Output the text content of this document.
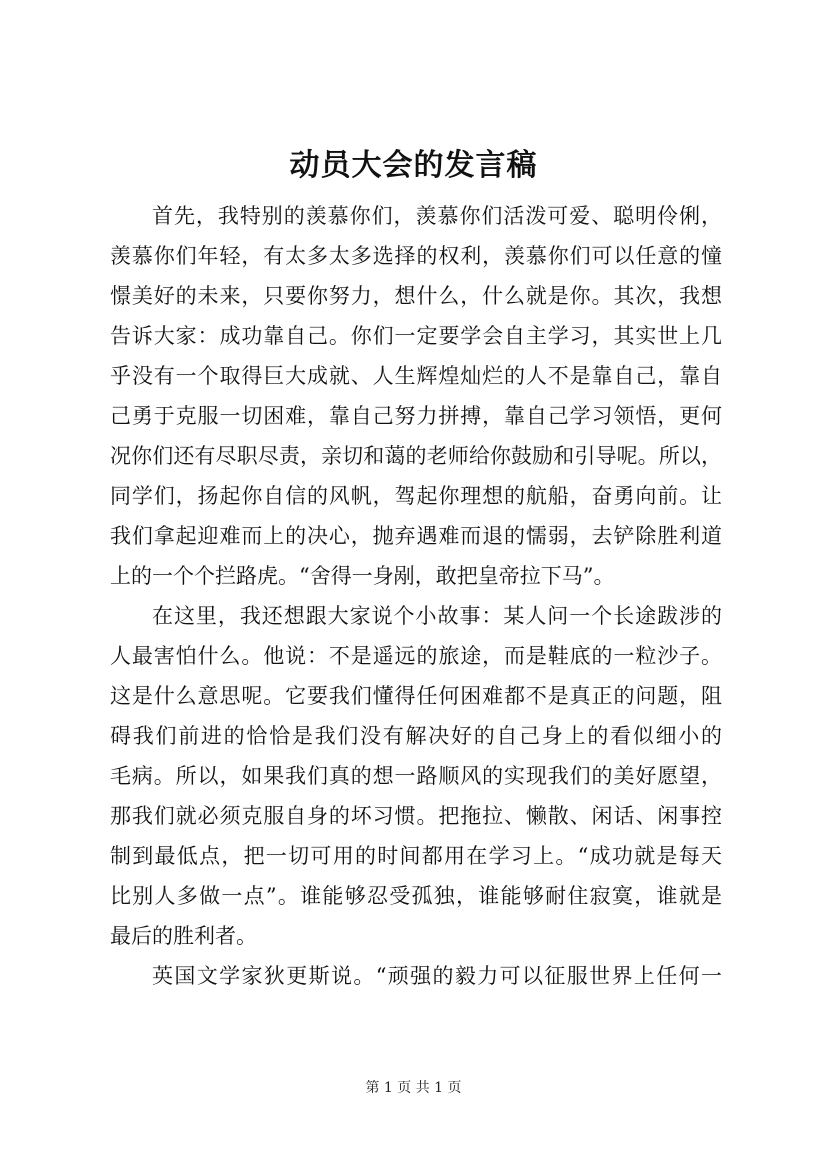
动员大会的发言稿
首先，我特别的羡慕你们，羡慕你们活泼可爱、聪明伶俐，
羡慕你们年轻，有太多太多选择的权利，羡慕你们可以任意的憧
憬美好的未来，只要你努力，想什么，什么就是你。其次，我想
告诉大家：成功靠自己。你们一定要学会自主学习，其实世上几
乎没有一个取得巨大成就、人生辉煌灿烂的人不是靠自己，靠自
己勇于克服一切困难，靠自己努力拼搏，靠自己学习领悟，更何
况你们还有尽职尽责，亲切和蔼的老师给你鼓励和引导呢。所以，
同学们，扬起你自信的风帆，驾起你理想的航船，奋勇向前。让
我们拿起迎难而上的决心，抛弃遇难而退的懦弱，去铲除胜利道
上的一个个拦路虎。“舍得一身剐，敢把皇帝拉下马”。
在这里，我还想跟大家说个小故事：某人问一个长途跋涉的
人最害怕什么。他说：不是遥远的旅途，而是鞋底的一粒沙子。
这是什么意思呢。它要我们懂得任何困难都不是真正的问题，阻
碍我们前进的恰恰是我们没有解决好的自己身上的看似细小的
毛病。所以，如果我们真的想一路顺风的实现我们的美好愿望，
那我们就必须克服自身的坏习惯。把拖拉、懒散、闲话、闲事控
制到最低点，把一切可用的时间都用在学习上。“成功就是每天
比别人多做一点”。谁能够忍受孤独，谁能够耐住寂寞，谁就是
最后的胜利者。
英国文学家狄更斯说。“顽强的毅力可以征服世界上任何一
第 1 页 共 1 页
